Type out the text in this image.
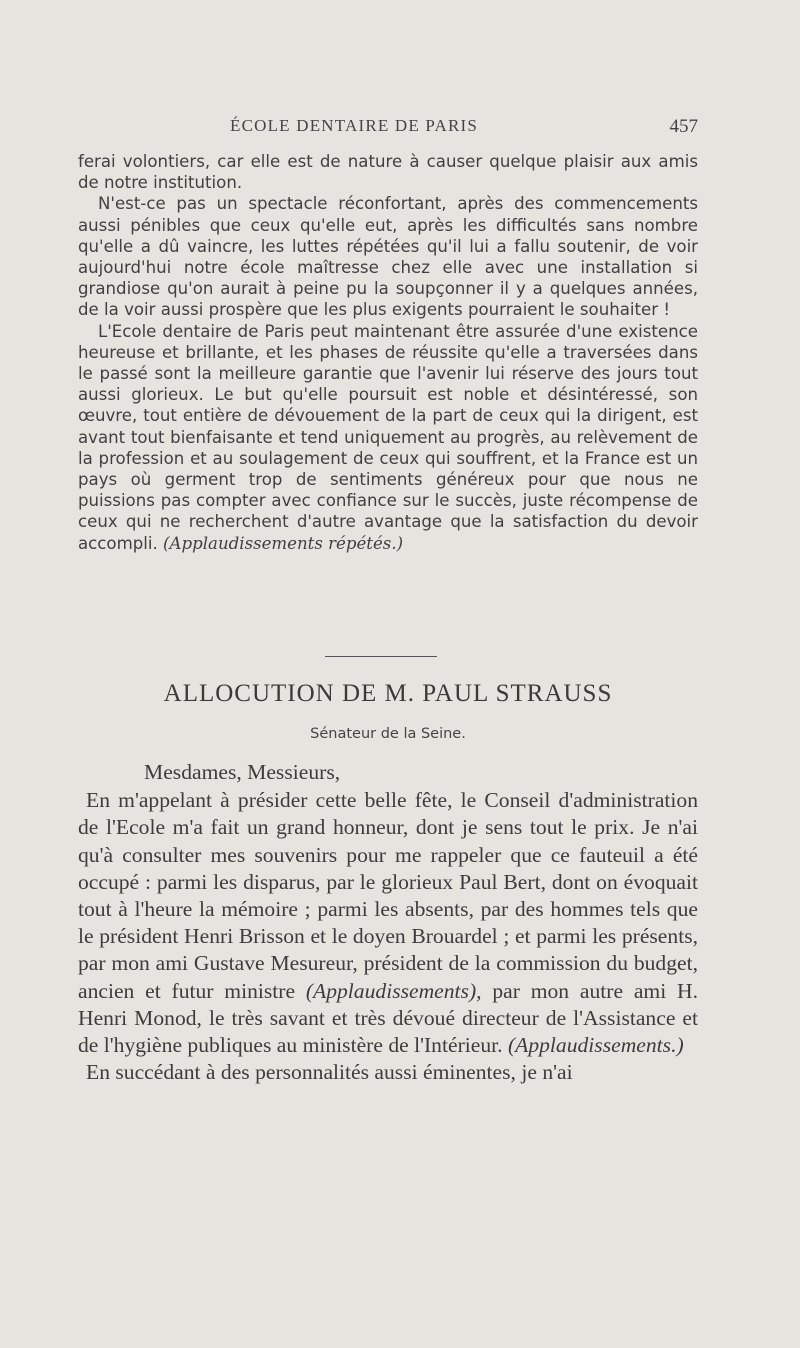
ÉCOLE DENTAIRE DE PARIS	457

ferai volontiers, car elle est de nature à causer quelque plaisir aux amis de notre institution.

N'est-ce pas un spectacle réconfortant, après des commencements aussi pénibles que ceux qu'elle eut, après les difficultés sans nombre qu'elle a dû vaincre, les luttes répétées qu'il lui a fallu soutenir, de voir aujourd'hui notre école maîtresse chez elle avec une installation si grandiose qu'on aurait à peine pu la soupçonner il y a quelques années, de la voir aussi prospère que les plus exigents pourraient le souhaiter !

L'Ecole dentaire de Paris peut maintenant être assurée d'une existence heureuse et brillante, et les phases de réussite qu'elle a traversées dans le passé sont la meilleure garantie que l'avenir lui réserve des jours tout aussi glorieux. Le but qu'elle poursuit est noble et désintéressé, son œuvre, tout entière de dévouement de la part de ceux qui la dirigent, est avant tout bienfaisante et tend uniquement au progrès, au relèvement de la profession et au soulagement de ceux qui souffrent, et la France est un pays où germent trop de sentiments généreux pour que nous ne puissions pas compter avec confiance sur le succès, juste récompense de ceux qui ne recherchent d'autre avantage que la satisfaction du devoir accompli. (Applaudissements répétés.)

ALLOCUTION DE M. PAUL STRAUSS
Sénateur de la Seine.

Mesdames, Messieurs,

En m'appelant à présider cette belle fête, le Conseil d'administration de l'Ecole m'a fait un grand honneur, dont je sens tout le prix. Je n'ai qu'à consulter mes souvenirs pour me rappeler que ce fauteuil a été occupé : parmi les disparus, par le glorieux Paul Bert, dont on évoquait tout à l'heure la mémoire ; parmi les absents, par des hommes tels que le président Henri Brisson et le doyen Brouardel ; et parmi les présents, par mon ami Gustave Mesureur, président de la commission du budget, ancien et futur ministre (Applaudissements), par mon autre ami H. Henri Monod, le très savant et très dévoué directeur de l'Assistance et de l'hygiène publiques au ministère de l'Intérieur. (Applaudissements.)

En succédant à des personnalités aussi éminentes, je n'ai
